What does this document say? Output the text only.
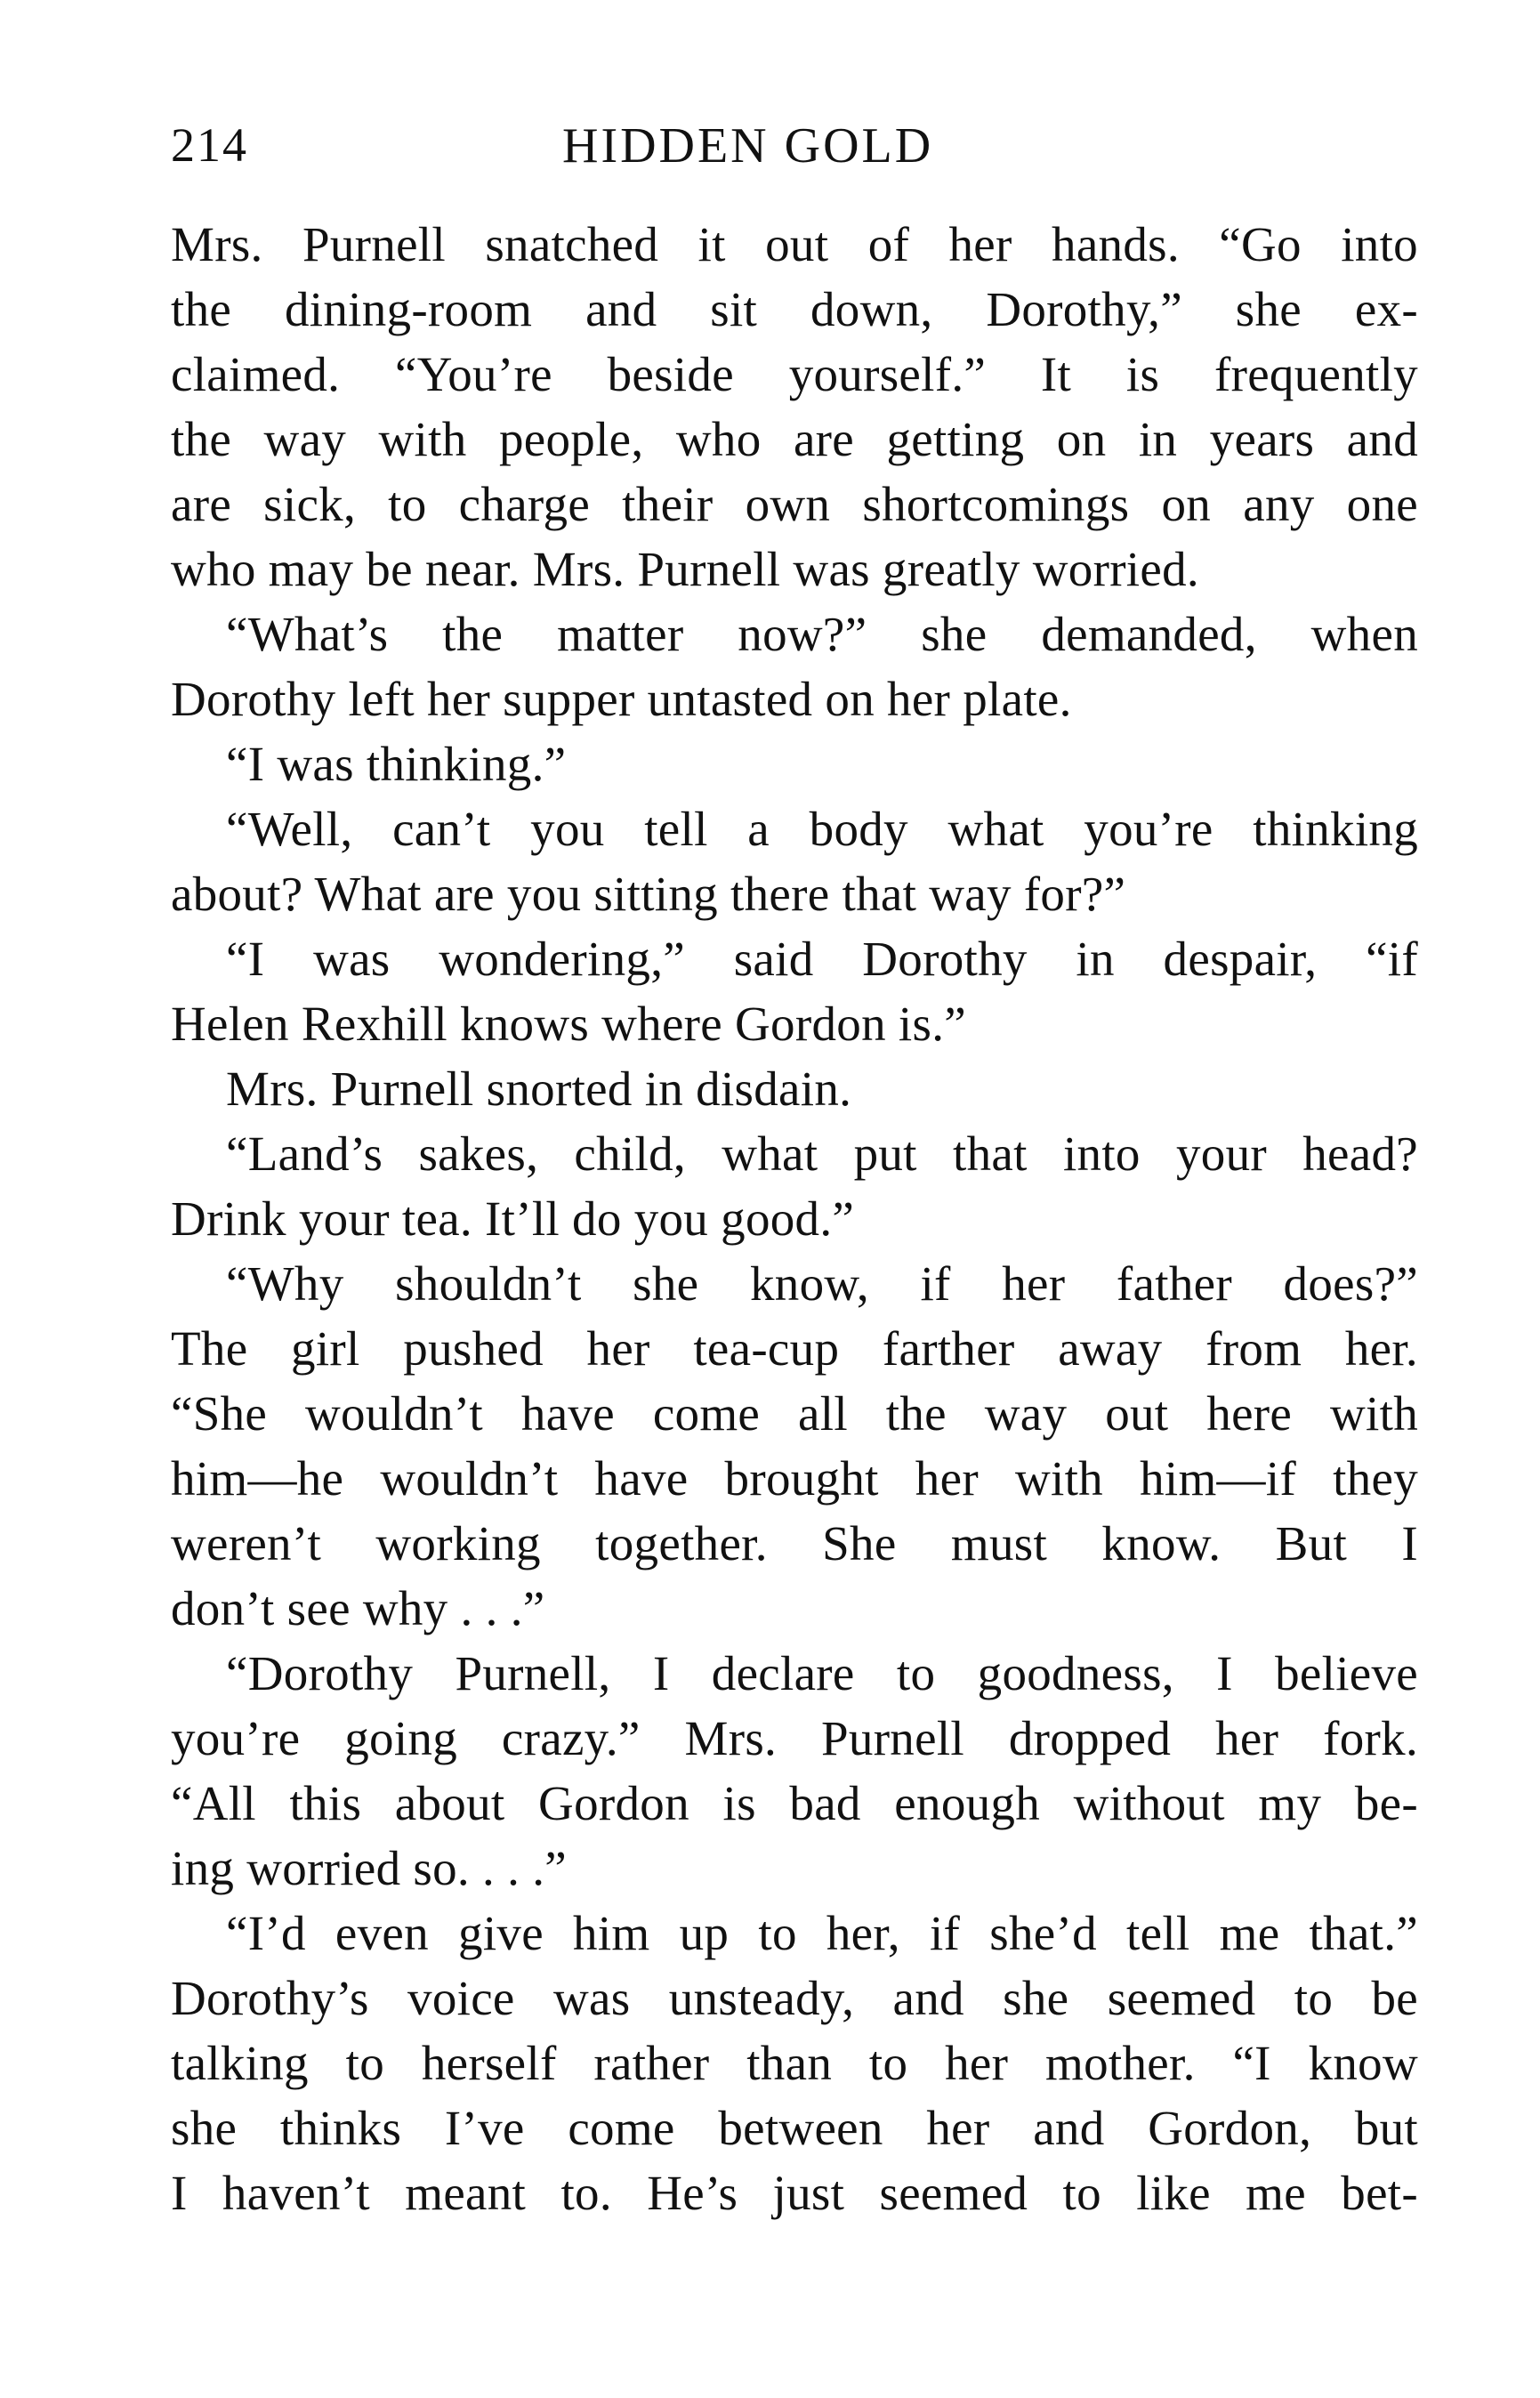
214	HIDDEN GOLD
Mrs. Purnell snatched it out of her hands. “Go into
the dining-room and sit down, Dorothy,” she ex-
claimed. “You’re beside yourself.” It is frequently
the way with people, who are getting on in years and
are sick, to charge their own shortcomings on any one
who may be near. Mrs. Purnell was greatly worried.
“What’s the matter now?” she demanded, when
Dorothy left her supper untasted on her plate.
“I was thinking.”
“Well, can’t you tell a body what you’re thinking
about? What are you sitting there that way for?”
“I was wondering,” said Dorothy in despair, “if
Helen Rexhill knows where Gordon is.”
Mrs. Purnell snorted in disdain.
“Land’s sakes, child, what put that into your head?
Drink your tea. It’ll do you good.”
“Why shouldn’t she know, if her father does?”
The girl pushed her tea-cup farther away from her.
“She wouldn’t have come all the way out here with
him—he wouldn’t have brought her with him—if they
weren’t working together. She must know. But I
don’t see why . . .”
“Dorothy Purnell, I declare to goodness, I believe
you’re going crazy.” Mrs. Purnell dropped her fork.
“All this about Gordon is bad enough without my be-
ing worried so. . . .”
“I’d even give him up to her, if she’d tell me that.”
Dorothy’s voice was unsteady, and she seemed to be
talking to herself rather than to her mother. “I know
she thinks I’ve come between her and Gordon, but
I haven’t meant to. He’s just seemed to like me bet-
